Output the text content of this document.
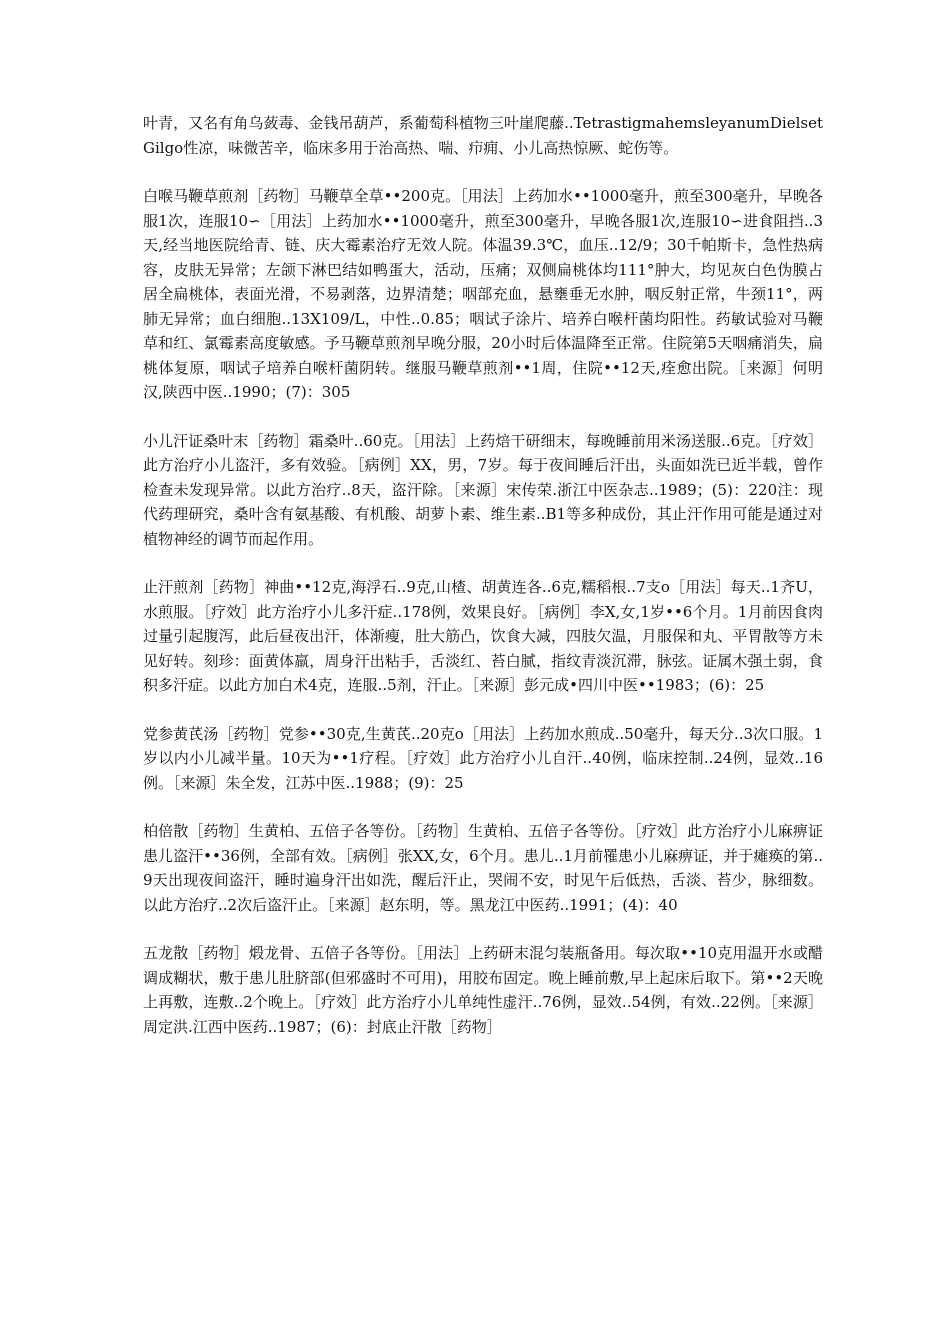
叶青，又名有角乌蔹毒、金钱吊葫芦，系葡萄科植物三叶崖爬藤..TetrastigmahemsleyanumDielsetGilgo性凉，味微苦辛，临床多用于治高热、喘、疖痈、小儿高热惊厥、蛇伤等。

白喉马鞭草煎剂［药物］马鞭草全草••200克。［用法］上药加水••1000毫升，煎至300毫升，早晚各服1次，连服10∽［用法］上药加水••1000毫升，煎至300毫升，早晚各服1次,连服10∽进食阻挡..3天,经当地医院给青、链、庆大霉素治疗无效人院。体温39.3℃，血压..12/9；30千帕斯卡，急性热病容，皮肤无异常；左颌下淋巴结如鸭蛋大，活动，压痛；双侧扁桃体均111°肿大，均见灰白色伪膜占居全扁桃体，表面光滑，不易剥落，边界清楚；咽部充血，悬壅垂无水肿，咽反射正常，牛颈11°，两肺无异常；血白细胞..13X109/L，中性..0.85；咽试子涂片、培养白喉杆菌均阳性。药敏试验对马鞭草和红、氯霉素高度敏感。予马鞭草煎剂早晚分服，20小时后体温降至正常。住院第5天咽痛消失，扁桃体复原，咽试子培养白喉杆菌阴转。继服马鞭草煎剂••1周，住院••12天,痊愈出院。［来源］何明汉,陕西中医..1990；(7)：305

小儿汗证桑叶末［药物］霜桑叶..60克。［用法］上药焙干研细末，每晚睡前用米汤送服..6克。［疗效］此方治疗小儿盗汗，多有效验。［病例］XX，男，7岁。每于夜间睡后汗出，头面如洗已近半载，曾作检查未发现异常。以此方治疗..8天，盗汗除。［来源］宋传荣.浙江中医杂志..1989；(5)：220注：现代药理研究，桑叶含有氨基酸、有机酸、胡萝卜素、维生素..B1等多种成份，其止汗作用可能是通过对植物神经的调节而起作用。

止汗煎剂［药物］神曲••12克,海浮石..9克,山楂、胡黄连各..6克,糯稻根..7支o［用法］每天..1齐U，水煎服。［疗效］此方治疗小儿多汗症..178例，效果良好。［病例］李X,女,1岁••6个月。1月前因食肉过量引起腹泻，此后昼夜出汗，体渐瘦，肚大筋凸，饮食大减，四肢欠温，月服保和丸、平胃散等方未见好转。刻珍：面黄体羸，周身汗出粘手，舌淡红、苔白腻，指纹青淡沉滞，脉弦。证属木强土弱，食积多汗症。以此方加白术4克，连服..5剂，汗止。［来源］彭元成•四川中医••1983；(6)：25

党参黄芪汤［药物］党参••30克,生黄芪..20克o［用法］上药加水煎成..50毫升，每天分..3次口服。1岁以内小儿减半量。10天为••1疗程。［疗效］此方治疗小儿自汗..40例，临床控制..24例，显效..16例。［来源］朱全发，江苏中医..1988；(9)：25

柏倍散［药物］生黄柏、五倍子各等份。［药物］生黄柏、五倍子各等份。［疗效］此方治疗小儿麻痹证患儿盗汗••36例，全部有效。［病例］张XX,女，6个月。患儿..1月前罹患小儿麻痹证，并于瘫痪的第..9天出现夜间盗汗，睡时遍身汗出如洗，醒后汗止，哭闹不安，时见午后低热，舌淡、苔少，脉细数。以此方治疗..2次后盗汗止。［来源］赵东明，等。黑龙江中医药..1991；(4)：40

五龙散［药物］煅龙骨、五倍子各等份。［用法］上药研末混匀装瓶备用。每次取••10克用温开水或醋调成糊状，敷于患儿肚脐部(但邪盛时不可用)，用胶布固定。晚上睡前敷,早上起床后取下。第••2天晚上再敷，连敷..2个晚上。［疗效］此方治疗小儿单纯性虚汗..76例，显效..54例，有效..22例。［来源］周定洪.江西中医药..1987；(6)：封底止汗散［药物］
